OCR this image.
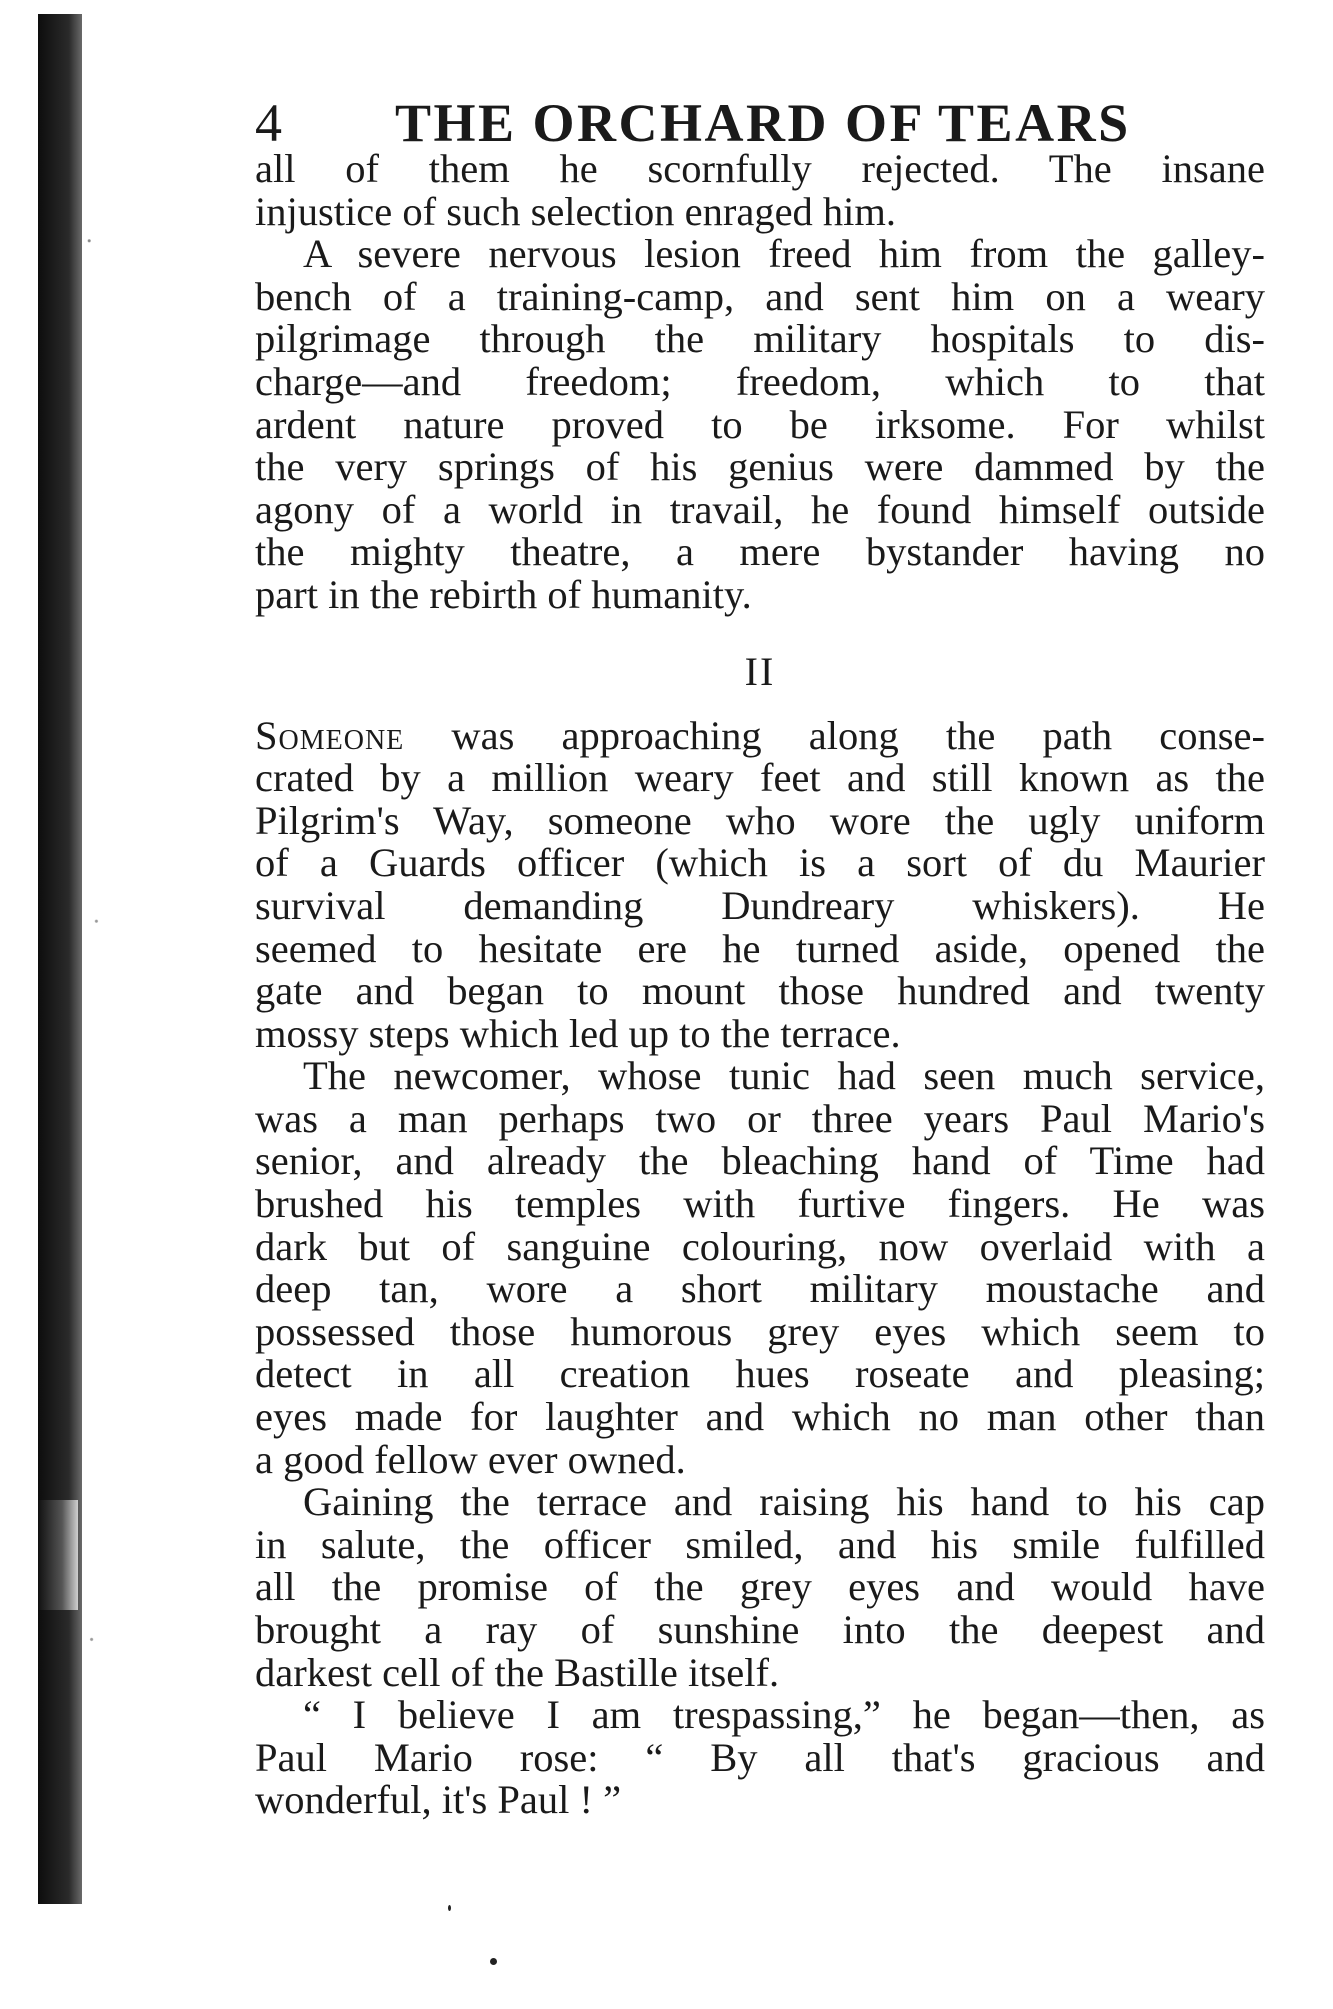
4 THE ORCHARD OF TEARS
all of them he scornfully rejected. The insane
injustice of such selection enraged him.
A severe nervous lesion freed him from the galley-
bench of a training-camp, and sent him on a weary
pilgrimage through the military hospitals to dis-
charge—and freedom; freedom, which to that
ardent nature proved to be irksome. For whilst
the very springs of his genius were dammed by the
agony of a world in travail, he found himself outside
the mighty theatre, a mere bystander having no
part in the rebirth of humanity.
II
Someone was approaching along the path conse-
crated by a million weary feet and still known as the
Pilgrim's Way, someone who wore the ugly uniform
of a Guards officer (which is a sort of du Maurier
survival demanding Dundreary whiskers). He
seemed to hesitate ere he turned aside, opened the
gate and began to mount those hundred and twenty
mossy steps which led up to the terrace.
The newcomer, whose tunic had seen much service,
was a man perhaps two or three years Paul Mario's
senior, and already the bleaching hand of Time had
brushed his temples with furtive fingers. He was
dark but of sanguine colouring, now overlaid with a
deep tan, wore a short military moustache and
possessed those humorous grey eyes which seem to
detect in all creation hues roseate and pleasing;
eyes made for laughter and which no man other than
a good fellow ever owned.
Gaining the terrace and raising his hand to his cap
in salute, the officer smiled, and his smile fulfilled
all the promise of the grey eyes and would have
brought a ray of sunshine into the deepest and
darkest cell of the Bastille itself.
“ I believe I am trespassing,” he began—then, as
Paul Mario rose: “ By all that's gracious and
wonderful, it's Paul ! ”
